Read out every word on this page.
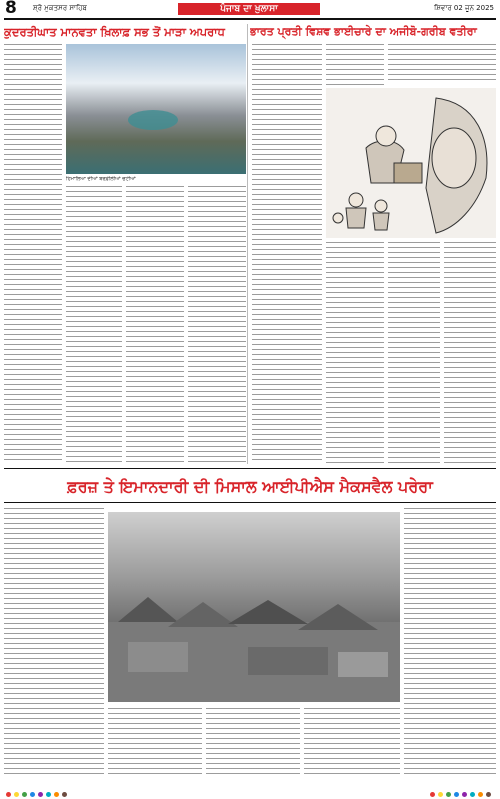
8 ਸ਼੍ਰੋ ਮੁਕਤਸਰ ਸਾਹਿਬ	ਪੰਜਾਬ ਦਾ ਖ਼ੁਲਾਸਾ	ਸ਼ਿਵਾਰ 02 ਜੂਨ 2025
ਕੁਦਰਤੀਘਾਤ ਮਾਨਵਤਾ ਖ਼ਿਲਾਫ਼ ਸਭ ਤੋਂ ਮਾੜਾ ਅਪਰਾਧ	ਭਾਰਤ ਪ੍ਰਤੀ ਵਿਸ਼ਵ ਭਾਈਚਾਰੇ ਦਾ ਅਜੀਬੋ-ਗਰੀਬ ਵਤੀਰਾ
ਹਿਮਾਲਿਆ ਦੀਆਂ ਬਰਫ਼ੀਲੀਆਂ ਚੋਟੀਆਂ
ਫ਼ਰਜ਼ ਤੇ ਇਮਾਨਦਾਰੀ ਦੀ ਮਿਸਾਲ ਆਈਪੀਐਸ ਮੈਕਸਵੈਲ ਪਰੇਰਾ
